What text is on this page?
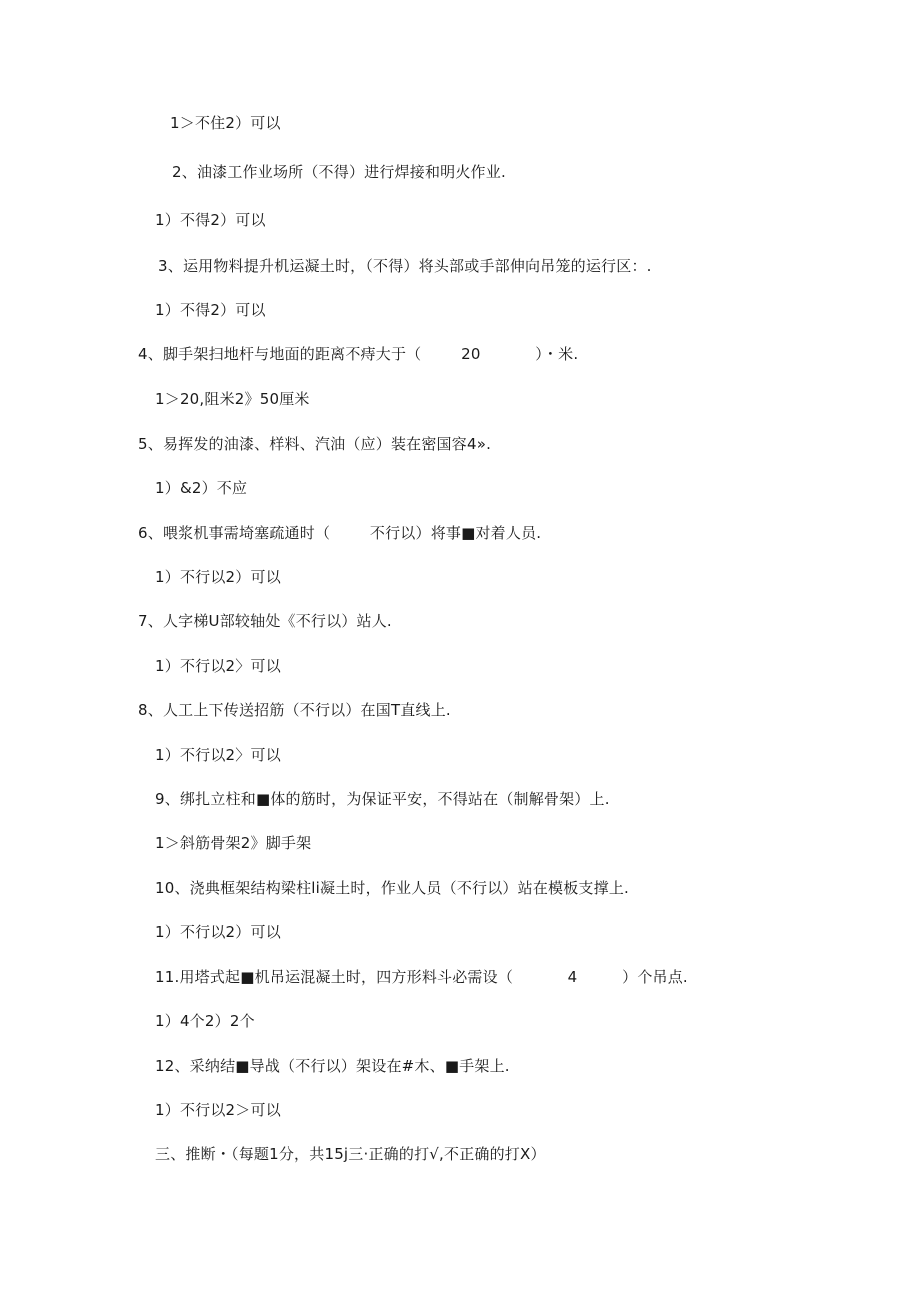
1＞不住2）可以
2、油漆工作业场所（不得）进行焊接和明火作业.
1）不得2）可以
3、运用物料提升机运凝土时，（不得）将头部或手部伸向吊笼的运行区：.
1）不得2）可以
4、脚手架扫地杆与地面的距离不痔大于（        20           ）・米.
1＞20,阻米2》50厘米
5、易挥发的油漆、样料、汽油（应）装在密国容4».
1）&2）不应
6、喂浆机事需埼塞疏通时（        不行以）将事■对着人员.
1）不行以2）可以
7、人字梯U部较轴处《不行以）站人.
1）不行以2〉可以
8、人工上下传送招筋（不行以）在国T直线上.
1）不行以2〉可以
9、绑扎立柱和■体的筋时，为保证平安，不得站在（制解骨架）上.
1＞斜筋骨架2》脚手架
10、浇典框架结构梁柱li凝土时，作业人员（不行以）站在模板支撑上.
1）不行以2）可以
11.用塔式起■机吊运混凝土时，四方形料斗必需设（           4         ）个吊点.
1）4个2）2个
12、采纳结■导战（不行以）架设在#木、■手架上.
1）不行以2＞可以
三、推断・（每题1分，共15j三·正确的打√,不正确的打X）
